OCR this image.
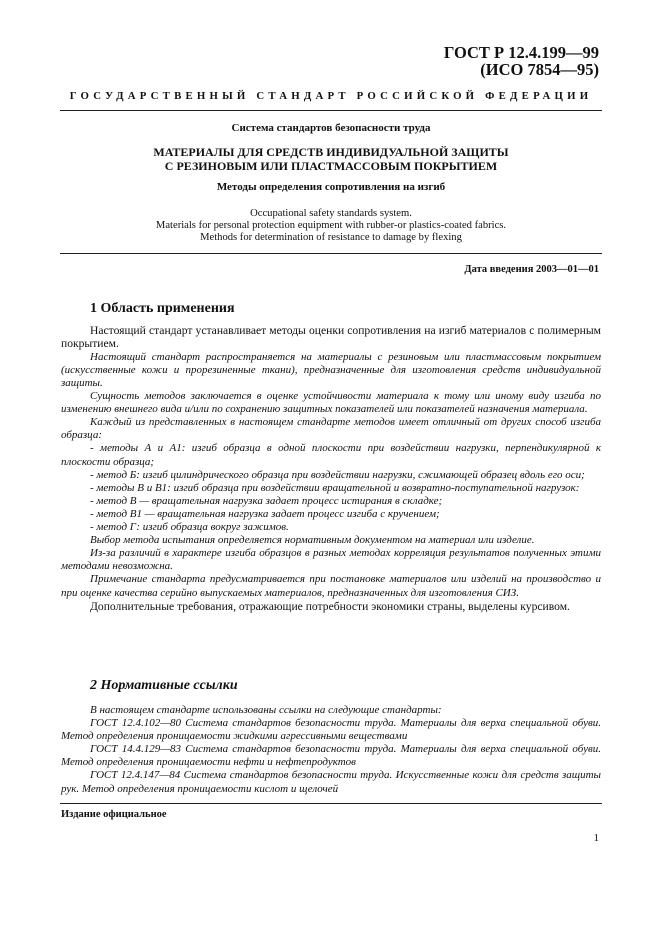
ГОСТ Р 12.4.199—99
(ИСО 7854—95)
ГОСУДАРСТВЕННЫЙ СТАНДАРТ РОССИЙСКОЙ ФЕДЕРАЦИИ
Система стандартов безопасности труда
МАТЕРИАЛЫ ДЛЯ СРЕДСТВ ИНДИВИДУАЛЬНОЙ ЗАЩИТЫ
С РЕЗИНОВЫМ ИЛИ ПЛАСТМАССОВЫМ ПОКРЫТИЕМ
Методы определения сопротивления на изгиб
Occupational safety standards system.
Materials for personal protection equipment with rubber-or plastics-coated fabrics.
Methods for determination of resistance to damage by flexing
Дата введения 2003—01—01
1 Область применения

Настоящий стандарт устанавливает методы оценки сопротивления на изгиб материалов с полимерным покрытием.

Настоящий стандарт распространяется на материалы с резиновым или пластмассовым покрытием (искусственные кожи и прорезиненные ткани), предназначенные для изготовления средств индивидуальной защиты.

Сущность методов заключается в оценке устойчивости материала к тому или иному виду изгиба по изменению внешнего вида и/или по сохранению защитных показателей или показателей назначения материала.

Каждый из представленных в настоящем стандарте методов имеет отличный от других способ изгиба образца:

- методы А и А1: изгиб образца в одной плоскости при воздействии нагрузки, перпендикулярной к плоскости образца;

- метод Б: изгиб цилиндрического образца при воздействии нагрузки, сжимающей образец вдоль его оси;

- методы В и В1: изгиб образца при воздействии вращательной и возвратно-поступательной нагрузок:

- метод В — вращательная нагрузка задает процесс истирания в складке;

- метод В1 — вращательная нагрузка задает процесс изгиба с кручением;

- метод Г: изгиб образца вокруг зажимов.

Выбор метода испытания определяется нормативным документом на материал или изделие.

Из-за различий в характере изгиба образцов в разных методах корреляция результатов полученных этими методами невозможна.

Примечание стандарта предусматривается при постановке материалов или изделий на производство и при оценке качества серийно выпускаемых материалов, предназначенных для изготовления СИЗ.

Дополнительные требования, отражающие потребности экономики страны, выделены курсивом.

2 Нормативные ссылки

В настоящем стандарте использованы ссылки на следующие стандарты:

ГОСТ 12.4.102—80 Система стандартов безопасности труда. Материалы для верха специальной обуви. Метод определения проницаемости жидкими агрессивными веществами

ГОСТ 14.4.129—83 Система стандартов безопасности труда. Материалы для верха специальной обуви. Метод определения проницаемости нефти и нефтепродуктов

ГОСТ 12.4.147—84 Система стандартов безопасности труда. Искусственные кожи для средств защиты рук. Метод определения проницаемости кислот и щелочей

Издание официальное
1
